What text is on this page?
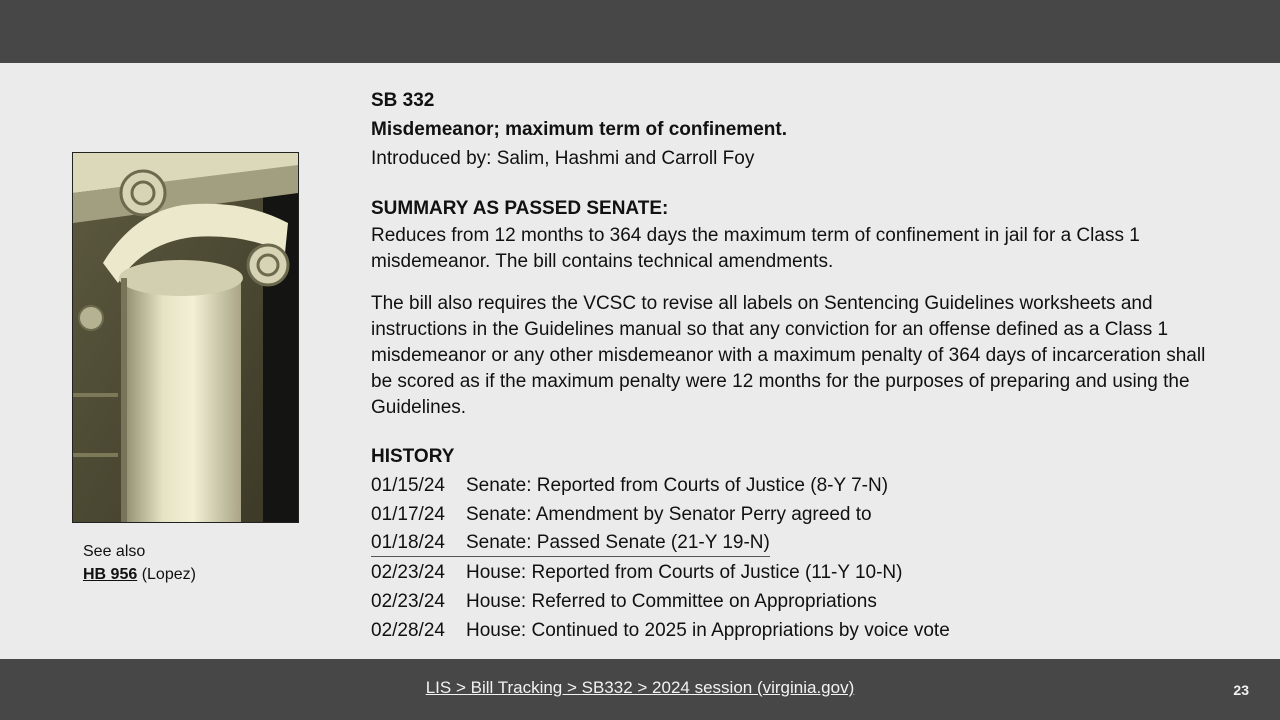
See also
HB 956 (Lopez)
SB 332
Misdemeanor; maximum term of confinement.
Introduced by: Salim, Hashmi and Carroll Foy
SUMMARY AS PASSED SENATE:

Reduces from 12 months to 364 days the maximum term of confinement in jail for a Class 1 misdemeanor. The bill contains technical amendments.

The bill also requires the VCSC to revise all labels on Sentencing Guidelines worksheets and instructions in the Guidelines manual so that any conviction for an offense defined as a Class 1 misdemeanor or any other misdemeanor with a maximum penalty of 364 days of incarceration shall be scored as if the maximum penalty were 12 months for the purposes of preparing and using the Guidelines.

HISTORY
01/15/24 Senate: Reported from Courts of Justice (8-Y 7-N)
01/17/24 Senate: Amendment by Senator Perry agreed to
01/18/24 Senate: Passed Senate (21-Y 19-N)
02/23/24 House: Reported from Courts of Justice (11-Y 10-N)
02/23/24 House: Referred to Committee on Appropriations
02/28/24 House: Continued to 2025 in Appropriations by voice vote
LIS > Bill Tracking > SB332 > 2024 session (virginia.gov)	23
